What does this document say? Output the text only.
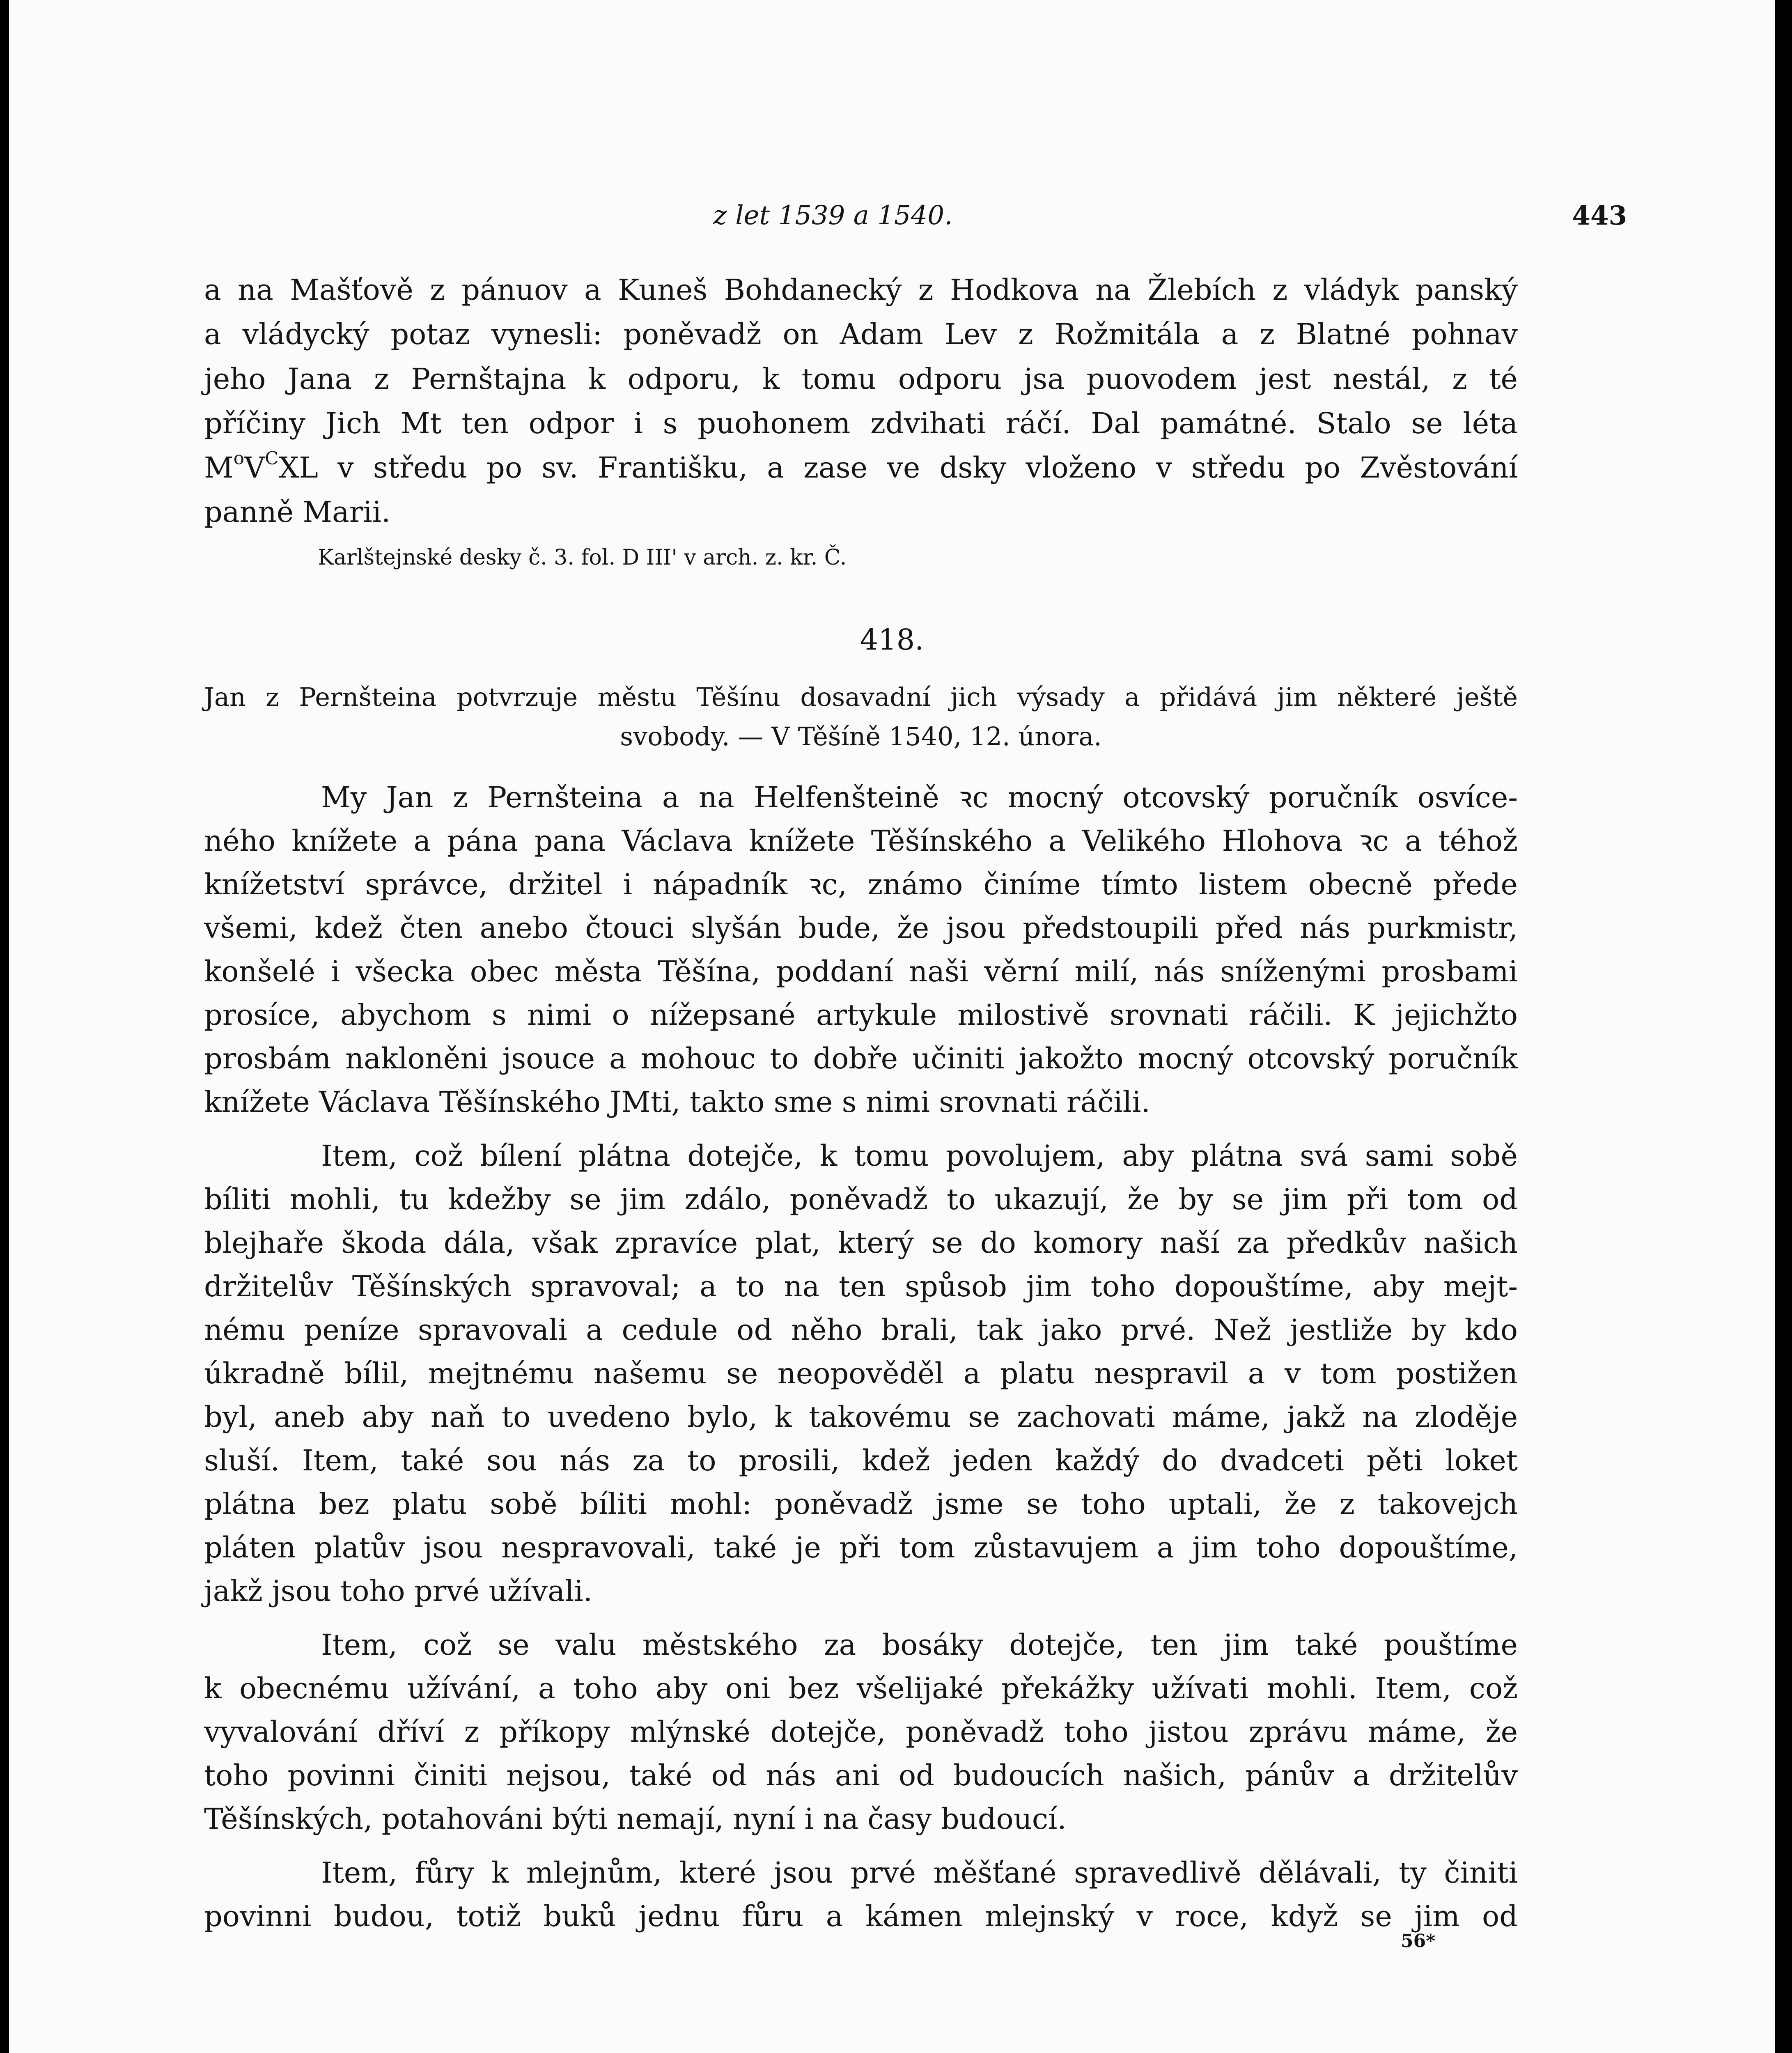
z let 1539 a 1540.	443
a na Mašťově z pánuov a Kuneš Bohdanecký z Hodkova na Žlebích z vládyk panský
a vládycký potaz vynesli: poněvadž on Adam Lev z Rožmitála a z Blatné pohnav
jeho Jana z Pernštajna k odporu, k tomu odporu jsa puovodem jest nestál, z té
příčiny Jich Mt ten odpor i s puohonem zdvihati ráčí. Dal památné. Stalo se léta
$M^oV^CXL$ v středu po sv. Františku, a zase ve dsky vloženo v středu po Zvěstování
panně Marii.
Karlštejnské desky č. 3. fol. D III' v arch. z. kr. Č.
418.
Jan z Pernšteina potvrzuje městu Těšínu dosavadní jich výsady a přidává jim některé ještě
svobody. — V Těšíně 1540, 12. února.
My Jan z Pernšteina a na Helfenšteině ꝛc mocný otcovský poručník osvíce-
ného knížete a pána pana Václava knížete Těšínského a Velikého Hlohova ꝛc a téhož
knížetství správce, držitel i nápadník ꝛc, známo činíme tímto listem obecně přede
všemi, kdež čten anebo čtouci slyšán bude, že jsou předstoupili před nás purkmistr,
konšelé i všecka obec města Těšína, poddaní naši věrní milí, nás sníženými prosbami
prosíce, abychom s nimi o nížepsané artykule milostivě srovnati ráčili. K jejichžto
prosbám nakloněni jsouce a mohouc to dobře učiniti jakožto mocný otcovský poručník
knížete Václava Těšínského JMti, takto sme s nimi srovnati ráčili.
Item, což bílení plátna dotejče, k tomu povolujem, aby plátna svá sami sobě
bíliti mohli, tu kdežby se jim zdálo, poněvadž to ukazují, že by se jim při tom od
blejhaře škoda dála, však zpravíce plat, který se do komory naší za předkův našich
držitelův Těšínských spravoval; a to na ten spůsob jim toho dopouštíme, aby mejt-
nému peníze spravovali a cedule od něho brali, tak jako prvé. Než jestliže by kdo
úkradně bílil, mejtnému našemu se neopověděl a platu nespravil a v tom postižen
byl, aneb aby naň to uvedeno bylo, k takovému se zachovati máme, jakž na zloděje
sluší. Item, také sou nás za to prosili, kdež jeden každý do dvadceti pěti loket
plátna bez platu sobě bíliti mohl: poněvadž jsme se toho uptali, že z takovejch
pláten platův jsou nespravovali, také je při tom zůstavujem a jim toho dopouštíme,
jakž jsou toho prvé užívali.
Item, což se valu městského za bosáky dotejče, ten jim také pouštíme
k obecnému užívání, a toho aby oni bez všelijaké překážky užívati mohli. Item, což
vyvalování dříví z příkopy mlýnské dotejče, poněvadž toho jistou zprávu máme, že
toho povinni činiti nejsou, také od nás ani od budoucích našich, pánův a držitelův
Těšínských, potahováni býti nemají, nyní i na časy budoucí.
Item, fůry k mlejnům, které jsou prvé měšťané spravedlivě dělávali, ty činiti
povinni budou, totiž buků jednu fůru a kámen mlejnský v roce, když se jim od
56*
